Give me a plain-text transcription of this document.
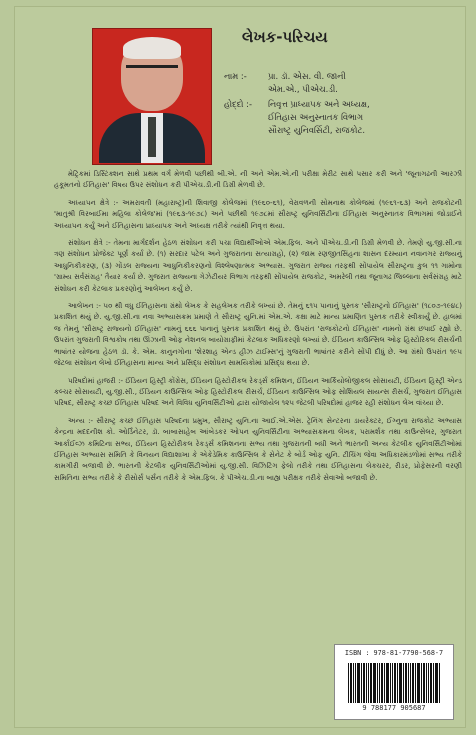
લેખક-પરિચય
નામ :-	પ્રા. ડૉ. એસ. વી. જાની
એમ.એ., પીએચ.ડી.
હોદ્દો :-	નિવૃત્ત પ્રાધ્યાપક અને અધ્યક્ષ,
ઈતિહાસ અનુસ્નાતક વિભાગ
સૌરાષ્ટ્ર યુનિવર્સિટી, રાજકોટ.

મેટ્રિકમાં ડિસ્ટિંક્શન સાથે પ્રથમ વર્ગ મેળવી પછીથી બી.એ. ની અને એમ.એ.ની પરીક્ષા મેરીટ સાથે પસાર કરી અને 'જૂનાગઢની આરઝી હકૂમતનો ઈતિહાસ' વિષય ઉપર સંશોધન કરી પીએચ.ડી.ની ડિગ્રી મેળવી છે.

અધ્યાપન ક્ષેત્રે :- અમરાવતી (મહારાષ્ટ્ર)ની શિવાજી કોલેજમાં (૧૯૬૦-૬૧), વેરાવળની સોમનાથ કોલેજમાં (૧૯૬૧-૬૩) અને રાજકોટની 'માતુશ્રી વિરબાઈમા મહિલા કોલેજ'માં (૧૯૬૩-૧૯૭૮) અને પછીથી ૧૯૭૮માં સૌરાષ્ટ્ર યુનિવર્સિટીના ઈતિહાસ અનુસ્નાતક વિભાગમાં જોડાઈને અધ્યાપન કર્યું અને ઈતિહાસના પ્રાધ્યાપક અને અધ્યક્ષ તરીકે ત્યાંથી નિવૃત્ત થયા.

સંશોધન ક્ષેત્રે :- તેમના માર્ગદર્શન હેઠળ સંશોધન કરી પચા વિદ્યાર્થીઓએ એમ.ફિલ. અને પીએચ.ડી.ની ડિગ્રી મેળવી છે. તેમણે યુ.જી.સી.ના ત્રણ સંશોધન પ્રોજેક્ટ પૂર્ણ કર્યા છે. (૧) સરદાર પટેલ અને ગુજરાતના સત્યાગ્રહો, (૨) જામ રણજીતસિંહના શાસન દરમ્યાન નવાનગર રાજ્યનું આધુનિકીકરણ, (૩) ગોંડલ રાજ્યના આધુનિકીકરણનો વિશ્લેષણાત્મક અભ્યાસ. ગુજરાત રાજ્ય તરફથી સોંપાયેલ સૌરાષ્ટ્રના કુલ ૧૧ ગામોના 'ગ્રામ્ય સર્વસંગ્રહ' તૈયાર કર્યા છે. ગુજરાત રાજ્યના ગેઝેટીયર વિભાગ તરફથી સોંપાયેલ રાજકોટ, અમરેલી તથા જૂનાગઢ જિલ્લાના સર્વસંગ્રહ માટે સંશોધન કરી કેટલાક પ્રકરણોનું આલેખન કર્યું છે.

આલેખન :- ૫૦ થી વધુ ઈતિહાસના ગ્રંથો લેખક કે સહલેખક તરીકે લખ્યાં છે. તેમનું ૬૧૫ પાનાનું પુસ્તક 'સૌરાષ્ટ્રનો ઈતિહાસ' (૧૮૦૭-૧૯૪૮) પ્રકાશિત થયું છે. યુ.જી.સી.ના નવા અભ્યાસક્રમ પ્રમાણે તે સૌરાષ્ટ્ર યુનિ.માં એમ.એ. કક્ષા માટે માન્ય પ્રમાણિત પુસ્તક તરીકે સ્વીકાર્યું છે. હાલમાં જ તેમનું 'સૌરાષ્ટ્ર રાજ્યનો ઈતિહાસ' નામનું ૬૬૬ પાનાનું પુસ્તક પ્રકાશિત થયું છે. ઉપરાંત 'રાજકોટનો ઈતિહાસ' નામનો ગ્રંથ છપાઈ રહ્યો છે. ઉપરાંત ગુજરાતી વિશ્વકોષ તથા ઊંઝાની ઓફ નેશનલ બાયોગ્રાફીમાં કેટલાક અધિકરણો લખ્યાં છે. ઈંડિયન કાઉન્સિલ ઓફ હિસ્ટોરિકલ રીસર્ચની ભાષાંતર યોજના હેઠળ ડૉ. કે. એમ. કાનુનગોના 'શેરશાહ એન્ડ હીઝ ટાઈમ્સ'નું ગુજરાતી ભાષાંતર કરીને સોંપી દીધું છે. આ ગ્રંથો ઉપરાંત ૧૯૫ જેટલા સંશોધન લેખો ઈતિહાસના માન્ય અને પ્રસિદ્ધ સંશોધન સામયિકોમાં પ્રસિદ્ધ થયા છે.

પરિષદોમાં હાજરી :- ઈંડિયન હિસ્ટ્રી કોંગ્રેસ, ઈંડિયન હિસ્ટોરીકલ રેકર્ડ્સ કમિશન, ઈંડિયન આર્કિયોલોજીકલ સોસાયટી, ઈંડિયન હિસ્ટ્રી એન્ડ કલ્ચર સોસાયટી, યુ.જી.સી., ઈંડિયન કાઉન્સિલ ઓફ હિસ્ટોરીકલ રીસર્ચ, ઈંડિયન કાઉન્સિલ ઓફ સોશિયલ સાયન્સ રીસર્ચ, ગુજરાત ઈતિહાસ પરિષદ, સૌરાષ્ટ્ર કચ્છ ઈતિહાસ પરિષદ અને વિવિધ યુનિવર્સિટીઓ દ્વારા યોજાયેલ ૧૨૫ જેટલી પરિષદોમાં હાજર રહી સંશોધન લેખ વાંચ્યા છે.

અન્ય :- સૌરાષ્ટ્ર કચ્છ ઈતિહાસ પરિષદના પ્રમુખ, સૌરાષ્ટ્ર યુનિ.ના આઈ.એ.એસ. ટ્રેનિંગ સેન્ટરના ડાયરેક્ટર, ઈગ્નુના રાજકોટ અભ્યાસ કેન્દ્રના મદદનીશ કો. ઓર્ડિનેટર, ડૉ. બાબાસાહેબ આંબેડકર ઓપન યુનિવર્સિટીના અભ્યાસક્રમના લેખક, પરામર્શક તથા કાઉન્સેલર, ગુજરાત આર્કાઈવ્ઝ કમિટિના સભ્ય, ઈંડિયન હિસ્ટોરીકલ રેકર્ડ્સ કમિશનના સભ્ય તથા ગુજરાતની બધી અને ભારતની અન્ય કેટલીક યુનિવર્સિટીઓમાં ઈતિહાસ અભ્યાસ સમિતિ કે વિનયન વિદ્યાશાખા કે એકેડેમિક કાઉન્સિલ કે સેનેટ કે બોર્ડ ઓફ યુનિ. ટીચિંગ જેવા અધિકારમંડળોમાં સભ્ય તરીકે કામગીરી બજાવી છે. ભારતની કેટલીક યુનિવર્સિટીઓમાં યુ.જી.સી. વિઝિટિંગ ફેલો તરીકે તથા ઈતિહાસના લેક્ચરર, રીડર, પ્રોફેસરની વરણી સમિતિના સભ્ય તરીકે કે રીસોર્સ પર્સન તરીકે કે એમ.ફિલ. કે પીએચ.ડી.ના બાહ્ય પરીક્ષક તરીકે સેવાઓ બજાવી છે.

ISBN : 978-81-7790-568-7
9 788177 905687
